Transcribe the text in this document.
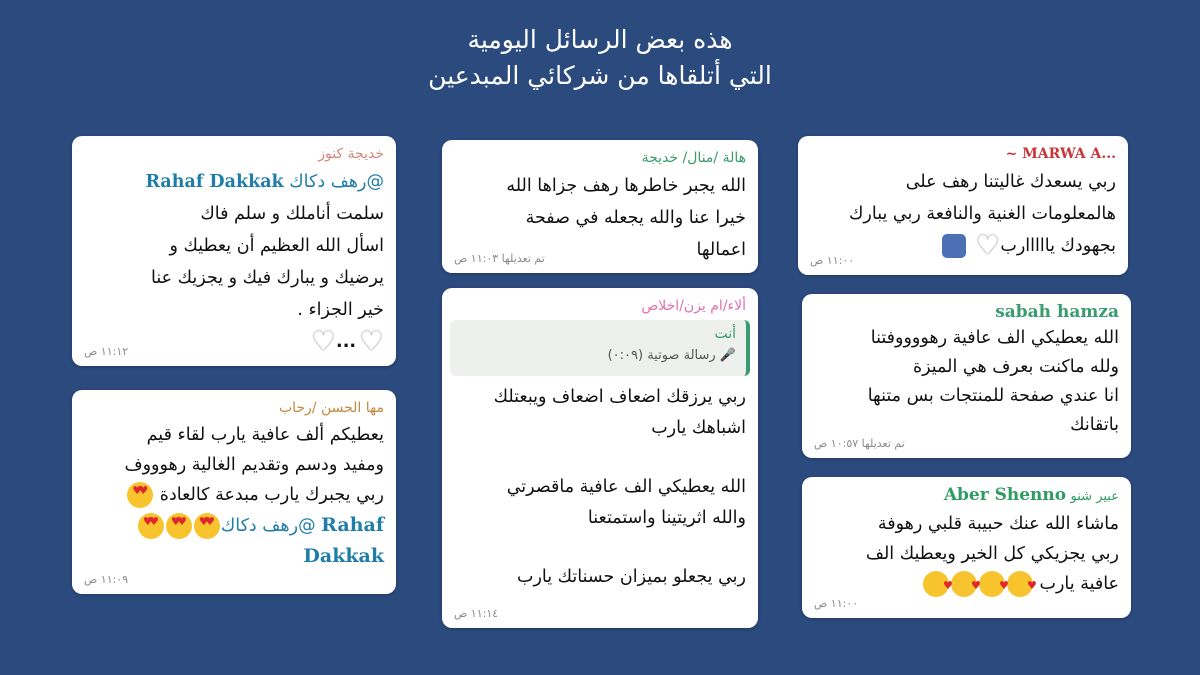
هذه بعض الرسائل اليومية
التي أتلقاها من شركائي المبدعين
خديجة كنوز

@رهف دكاك Rahaf Dakkak

سلمت أناملك و سلم فاك

اسأل الله العظيم أن يعطيك و

يرضيك و يبارك فيك و يجزيك عنا

خير الجزاء .

♥...♥

١١:١٢ ص
هالة /منال/ خديجة

الله يجبر خاطرها رهف جزاها الله

خيرا عنا والله يجعله في صفحة

اعمالها

تم تعديلها ١١:٠٣ ص
~ MARWA A...

ربي يسعدك غاليتنا رهف على

هالمعلومات الغنية والنافعة ربي يبارك

بجهودك يااااارب♥

١١:٠٠ ص
ألاء/ام يزن/اخلاص
أنت
🎤 رسالة صوتية (٠:٠٩)

ربي يرزقك اضعاف اضعاف ويبعتلك

اشباهك يارب

الله يعطيكي الف عافية ماقصرتي

والله اثريتينا واستمتعنا

ربي يجعلو بميزان حسناتك يارب

١١:١٤ ص
sabah hamza

الله يعطيكي الف عافية رهووووفتنا

ولله ماكنت بعرف هي الميزة

انا عندي صفحة للمنتجات بس متنها

باتقانك

تم تعديلها ١٠:٥٧ ص
مها الحسن /رحاب

يعطيكم ألف عافية يارب لقاء قيم

ومفيد ودسم وتقديم الغالية رهوووف

ربي يجبرك يارب مبدعة كالعادة ♥ ♥

Rahaf @رهف دكاك♥ ♥♥ ♥♥ ♥

Dakkak

١١:٠٩ ص
عبير شنو Aber Shenno

ماشاء الله عنك حبيبة قلبي رهوفة

ربي يجزيكي كل الخير ويعطيك الف

عافية يارب ♥♥♥♥

١١:٠٠ ص
